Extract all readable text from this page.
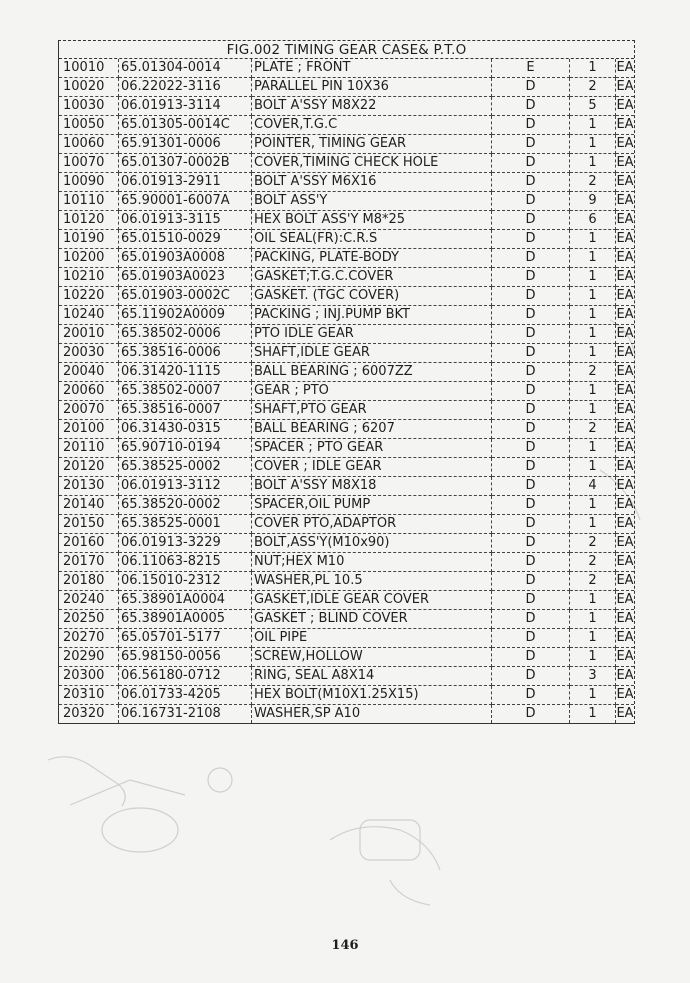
FIG.002 TIMING GEAR CASE& P.T.O
10010	65.01304-0014	PLATE ; FRONT	E	1	EA
10020	06.22022-3116	PARALLEL PIN 10X36	D	2	EA
10030	06.01913-3114	BOLT A'SSY M8X22	D	5	EA
10050	65.01305-0014C	COVER,T.G.C	D	1	EA
10060	65.91301-0006	POINTER, TIMING GEAR	D	1	EA
10070	65.01307-0002B	COVER,TIMING CHECK HOLE	D	1	EA
10090	06.01913-2911	BOLT A'SSY M6X16	D	2	EA
10110	65.90001-6007A	BOLT ASS'Y	D	9	EA
10120	06.01913-3115	HEX BOLT ASS'Y M8*25	D	6	EA
10190	65.01510-0029	OIL SEAL(FR):C.R.S	D	1	EA
10200	65.01903A0008	PACKING, PLATE-BODY	D	1	EA
10210	65.01903A0023	GASKET;T.G.C.COVER	D	1	EA
10220	65.01903-0002C	GASKET. (TGC COVER)	D	1	EA
10240	65.11902A0009	PACKING ; INJ.PUMP BKT	D	1	EA
20010	65.38502-0006	PTO IDLE GEAR	D	1	EA
20030	65.38516-0006	SHAFT,IDLE GEAR	D	1	EA
20040	06.31420-1115	BALL BEARING ; 6007ZZ	D	2	EA
20060	65.38502-0007	GEAR ; PTO	D	1	EA
20070	65.38516-0007	SHAFT,PTO GEAR	D	1	EA
20100	06.31430-0315	BALL BEARING ; 6207	D	2	EA
20110	65.90710-0194	SPACER ; PTO GEAR	D	1	EA
20120	65.38525-0002	COVER ; IDLE GEAR	D	1	EA
20130	06.01913-3112	BOLT A'SSY M8X18	D	4	EA
20140	65.38520-0002	SPACER,OIL PUMP	D	1	EA
20150	65.38525-0001	COVER PTO,ADAPTOR	D	1	EA
20160	06.01913-3229	BOLT,ASS'Y(M10x90)	D	2	EA
20170	06.11063-8215	NUT;HEX M10	D	2	EA
20180	06.15010-2312	WASHER,PL 10.5	D	2	EA
20240	65.38901A0004	GASKET,IDLE GEAR COVER	D	1	EA
20250	65.38901A0005	GASKET ; BLIND COVER	D	1	EA
20270	65.05701-5177	OIL PIPE	D	1	EA
20290	65.98150-0056	SCREW,HOLLOW	D	1	EA
20300	06.56180-0712	RING, SEAL A8X14	D	3	EA
20310	06.01733-4205	HEX BOLT(M10X1.25X15)	D	1	EA
20320	06.16731-2108	WASHER,SP A10	D	1	EA
146
